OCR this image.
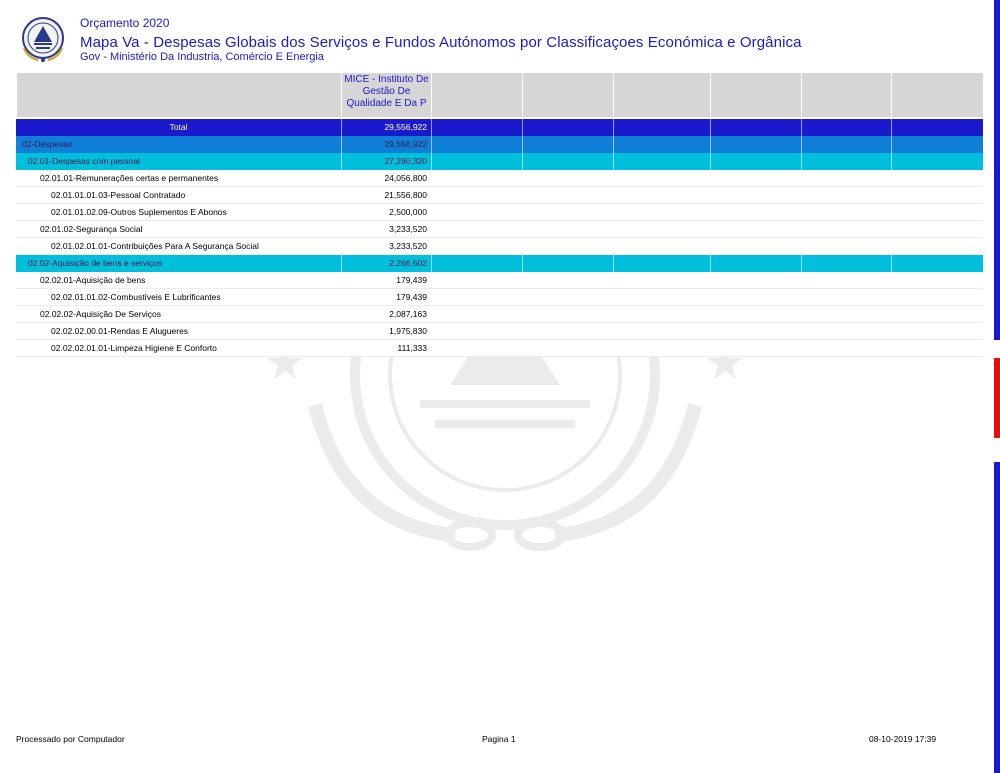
Orçamento 2020
Mapa Va - Despesas Globais dos Serviços e Fundos Autónomos por Classificaçoes Económica e Orgânica
Gov - Ministério Da Industria, Comércio E Energia
MICE - Instituto De Gestão De Qualidade E Da P
Total	29,556,922
02-Despesas	29,556,922
02.01-Despesas com pessoal	27,290,320
02.01.01-Remunerações certas e permanentes	24,056,800
02.01.01.01.03-Pessoal Contratado	21,556,800
02.01.01.02.09-Outros Suplementos E Abonos	2,500,000
02.01.02-Segurança Social	3,233,520
02.01.02.01.01-Contribuições Para A Segurança Social	3,233,520
02.02-Aquisição de bens e serviços	2,266,602
02.02.01-Aquisição de bens	179,439
02.02.01.01.02-Combustíveis E Lubrificantes	179,439
02.02.02-Aquisição De Serviços	2,087,163
02.02.02.00.01-Rendas E Alugueres	1,975,830
02.02.02.01.01-Limpeza Higiene E Conforto	111,333
Processado por Computador	Pagina 1	08-10-2019 17:39
